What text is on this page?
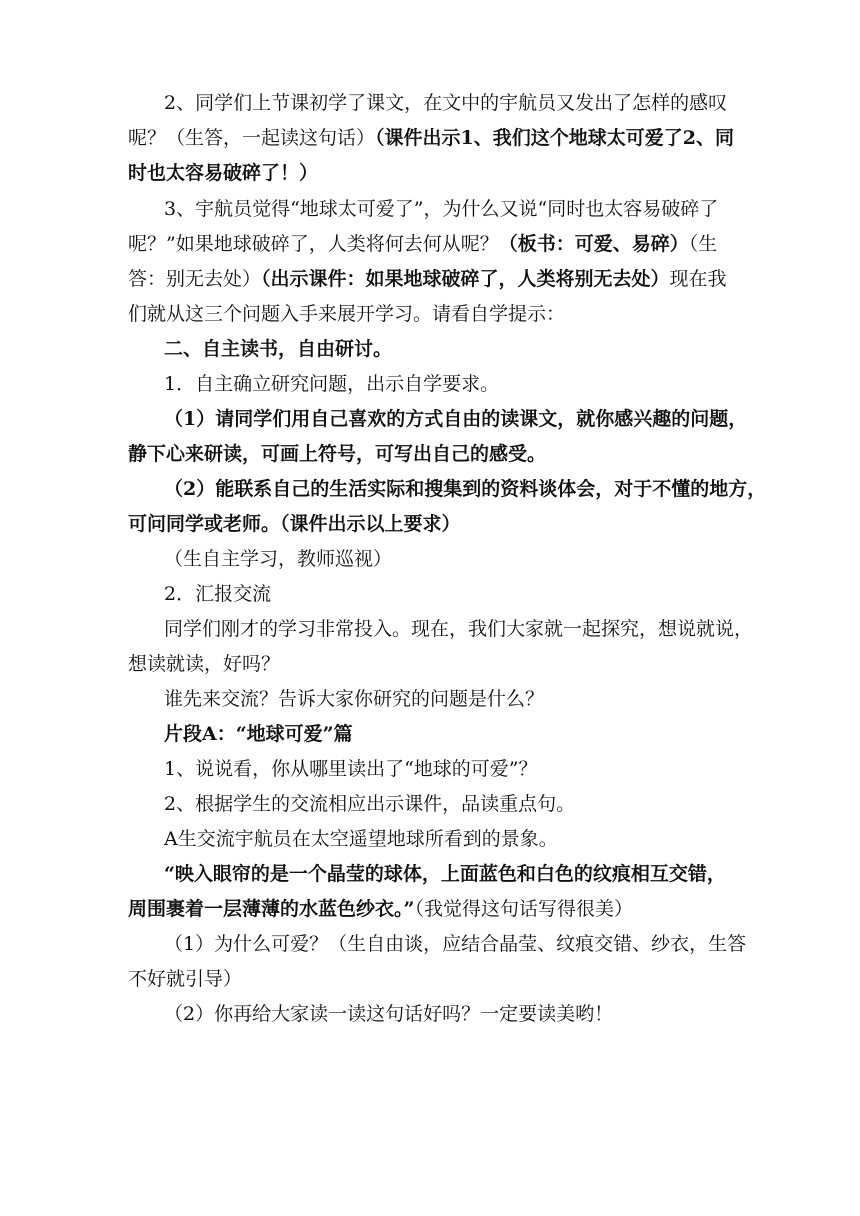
2、同学们上节课初学了课文，在文中的宇航员又发出了怎样的感叹
呢？（生答，一起读这句话）（课件出示1、我们这个地球太可爱了2、同
时也太容易破碎了！）
3、宇航员觉得“地球太可爱了”，为什么又说“同时也太容易破碎了
呢？”如果地球破碎了，人类将何去何从呢？（板书：可爱、易碎）（生
答：别无去处）（出示课件：如果地球破碎了，人类将别无去处）现在我
们就从这三个问题入手来展开学习。请看自学提示：
二、自主读书，自由研讨。
1．自主确立研究问题，出示自学要求。
（1）请同学们用自己喜欢的方式自由的读课文，就你感兴趣的问题，
静下心来研读，可画上符号，可写出自己的感受。
（2）能联系自己的生活实际和搜集到的资料谈体会，对于不懂的地方，
可问同学或老师。（课件出示以上要求）
（生自主学习，教师巡视）
2．汇报交流
同学们刚才的学习非常投入。现在，我们大家就一起探究，想说就说，
想读就读，好吗？
谁先来交流？告诉大家你研究的问题是什么？
片段A：“地球可爱”篇
1、说说看，你从哪里读出了“地球的可爱”？
2、根据学生的交流相应出示课件，品读重点句。
A生交流宇航员在太空遥望地球所看到的景象。
“映入眼帘的是一个晶莹的球体，上面蓝色和白色的纹痕相互交错，
周围裹着一层薄薄的水蓝色纱衣。”（我觉得这句话写得很美）
（1）为什么可爱？（生自由谈，应结合晶莹、纹痕交错、纱衣，生答
不好就引导）
（2）你再给大家读一读这句话好吗？一定要读美哟！
